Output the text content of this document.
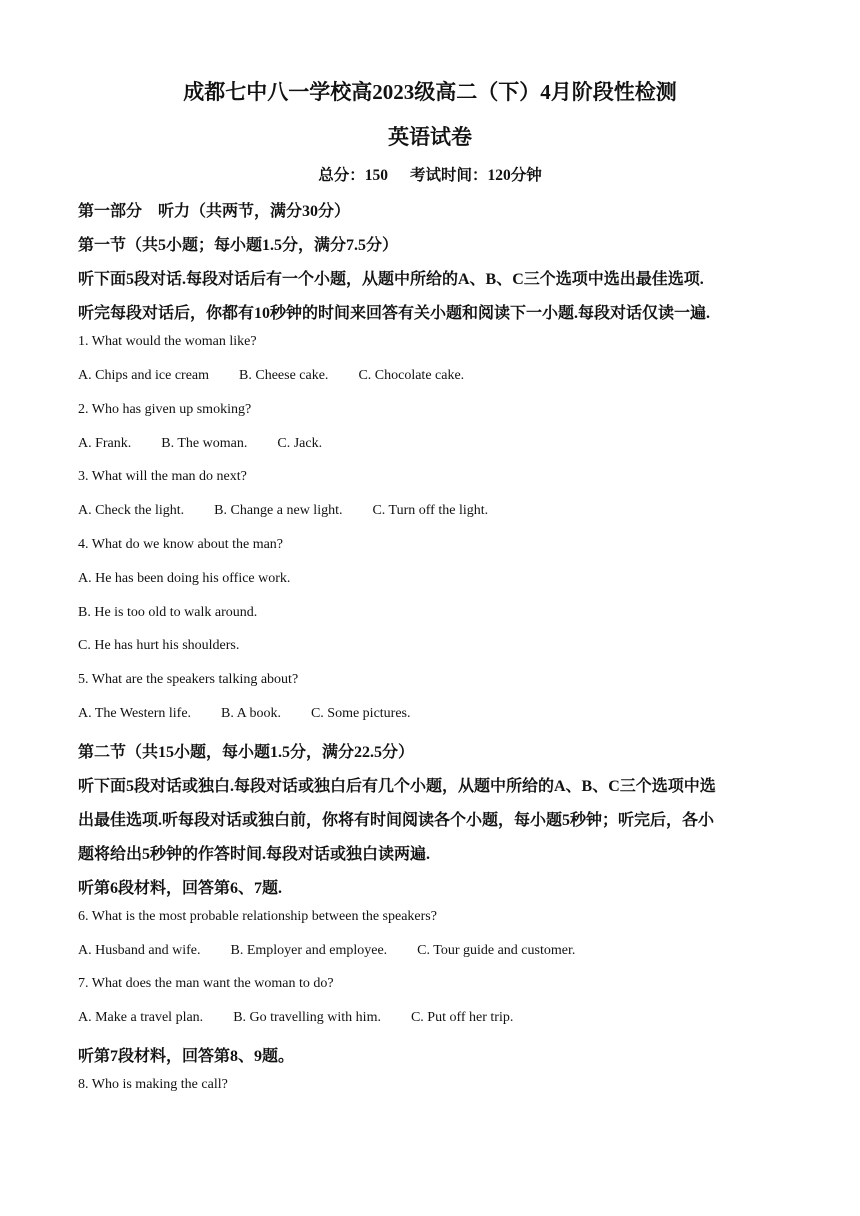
成都七中八一学校高2023级高二（下）4月阶段性检测
英语试卷
总分：150 考试时间：120分钟
第一部分　听力（共两节，满分30分）
第一节（共5小题；每小题1.5分，满分7.5分）
听下面5段对话.每段对话后有一个小题，从题中所给的A、B、C三个选项中选出最佳选项.
听完每段对话后，你都有10秒钟的时间来回答有关小题和阅读下一小题.每段对话仅读一遍.
1. What would the woman like?
A. Chips and ice cream B. Cheese cake. C. Chocolate cake.
2. Who has given up smoking?
A. Frank. B. The woman. C. Jack.
3. What will the man do next?
A. Check the light. B. Change a new light. C. Turn off the light.
4. What do we know about the man?
A. He has been doing his office work.
B. He is too old to walk around.
C. He has hurt his shoulders.
5. What are the speakers talking about?
A. The Western life. B. A book. C. Some pictures.
第二节（共15小题，每小题1.5分，满分22.5分）
听下面5段对话或独白.每段对话或独白后有几个小题，从题中所给的A、B、C三个选项中选
出最佳选项.听每段对话或独白前，你将有时间阅读各个小题，每小题5秒钟；听完后，各小
题将给出5秒钟的作答时间.每段对话或独白读两遍.
听第6段材料，回答第6、7题.
6. What is the most probable relationship between the speakers?
A. Husband and wife. B. Employer and employee. C. Tour guide and customer.
7. What does the man want the woman to do?
A. Make a travel plan. B. Go travelling with him. C. Put off her trip.
听第7段材料，回答第8、9题。
8. Who is making the call?
